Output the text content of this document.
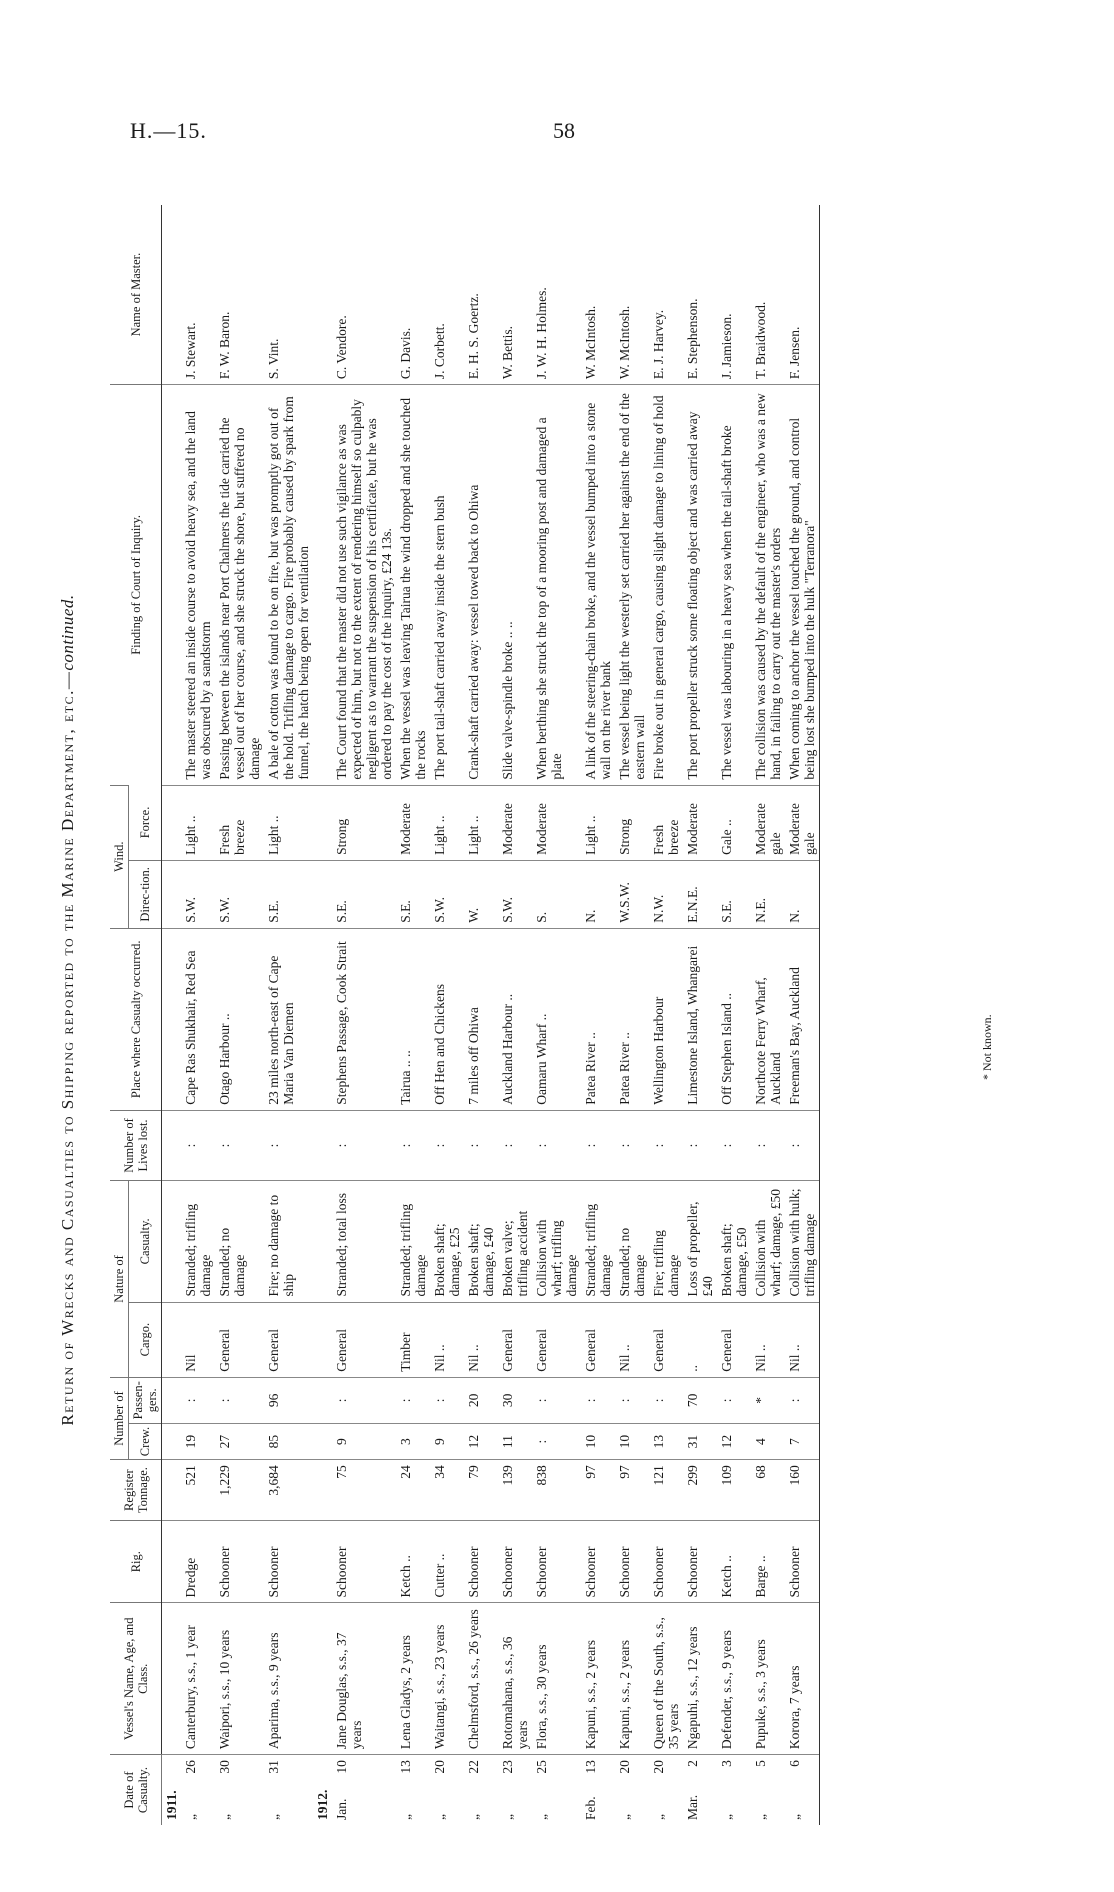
H.—15.	58
Return of Wrecks and Casualties to Shipping reported to the Marine Department, etc.—continued.
Date of Casualty.	Vessel's Name, Age, and Class.	Rig.	Register Tonnage.	Number of		Nature of		Number of Lives lost.	Place where Casualty occurred.	Wind.		Finding of Court of Inquiry.	Name of Master.
				Crew.	Passen-gers.	Cargo.	Casualty.			Direc-tion.	Force.		
1911.													
„
26	Canterbury, s.s., 1 year	Dredge	521	19	:	Nil	Stranded; trifling damage	:	Cape Ras Shukhair, Red Sea	S.W.	Light ..	The master steered an inside course to avoid heavy sea, and the land was obscured by a sandstorm	J. Stewart.
„
30	Waipori, s.s., 10 years	Schooner	1,229	27	:	General	Stranded; no damage	:	Otago Harbour ..	S.W.	Fresh breeze	Passing between the islands near Port Chalmers the tide carried the vessel out of her course, and she struck the shore, but suffered no damage	F. W. Baron.
„
31	Aparima, s.s., 9 years	Schooner	3,684	85	96	General	Fire; no damage to ship	:	23 miles north-east of Cape Maria Van Diemen	S.E.	Light ..	A bale of cotton was found to be on fire, but was promptly got out of the hold. Trifling damage to cargo. Fire probably caused by spark from funnel, the hatch being open for ventilation	S. Vint.
1912.													
Jan.
10	Jane Douglas, s.s., 37 years	Schooner	75	9	:	General	Stranded; total loss	:	Stephens Passage, Cook Strait	S.E.	Strong	The Court found that the master did not use such vigilance as was expected of him, but not to the extent of rendering himself so culpably negligent as to warrant the suspension of his certificate, but he was ordered to pay the cost of the inquiry, £24 13s.	C. Vendore.
„
13	Lena Gladys, 2 years	Ketch ..	24	3	:	Timber	Stranded; trifling damage	:	Tairua .. ..	S.E.	Moderate	When the vessel was leaving Tairua the wind dropped and she touched the rocks	G. Davis.
„
20	Waitangi, s.s., 23 years	Cutter ..	34	9	:	Nil ..	Broken shaft; damage, £25	:	Off Hen and Chickens	S.W.	Light ..	The port tail-shaft carried away inside the stern bush	J. Corbett.
„
22	Chelmsford, s.s., 26 years	Schooner	79	12	20	Nil ..	Broken shaft; damage, £40	:	7 miles off Ohiwa	W.	Light ..	Crank-shaft carried away: vessel towed back to Ohiwa	E. H. S. Goertz.
„
23	Rotomahana, s.s., 36 years	Schooner	139	11	30	General	Broken valve; trifling accident	:	Auckland Harbour ..	S.W.	Moderate	Slide valve-spindle broke .. ..	W. Bettis.
„
25	Flora, s.s., 30 years	Schooner	838	:	:	General	Collision with wharf; trifling damage	:	Oamaru Wharf ..	S.	Moderate	When berthing she struck the top of a mooring post and damaged a plate	J. W. H. Holmes.
Feb.
13	Kapuni, s.s., 2 years	Schooner	97	10	:	General	Stranded; trifling damage	:	Patea River ..	N.	Light ..	A link of the steering-chain broke, and the vessel bumped into a stone wall on the river bank	W. McIntosh.
„
20	Kapuni, s.s., 2 years	Schooner	97	10	:	Nil ..	Stranded; no damage	:	Patea River ..	W.S.W.	Strong	The vessel being light the westerly set carried her against the end of the eastern wall	W. McIntosh.
„
20	Queen of the South, s.s., 35 years	Schooner	121	13	:	General	Fire; trifling damage	:	Wellington Harbour	N.W.	Fresh breeze	Fire broke out in general cargo, causing slight damage to lining of hold	E. J. Harvey.
Mar.
2	Ngapuhi, s.s., 12 years	Schooner	299	31	70	..	Loss of propeller, £40	:	Limestone Island, Whangarei	E.N.E.	Moderate	The port propeller struck some floating object and was carried away	E. Stephenson.
„
3	Defender, s.s., 9 years	Ketch ..	109	12	:	General	Broken shaft; damage, £50	:	Off Stephen Island ..	S.E.	Gale ..	The vessel was labouring in a heavy sea when the tail-shaft broke	J. Jamieson.
„
5	Pupuke, s.s., 3 years	Barge ..	68	4	*	Nil ..	Collision with wharf; damage, £50	:	Northcote Ferry Wharf, Auckland	N.E.	Moderate gale	The collision was caused by the default of the engineer, who was a new hand, in failing to carry out the master's orders	T. Braidwood.
„
6	Korora, 7 years	Schooner	160	7	:	Nil ..	Collision with hulk; trifling damage	:	Freeman's Bay, Auckland	N.	Moderate gale	When coming to anchor the vessel touched the ground, and control being lost she bumped into the hulk "Terranora"	F. Jensen.
* Not known.
